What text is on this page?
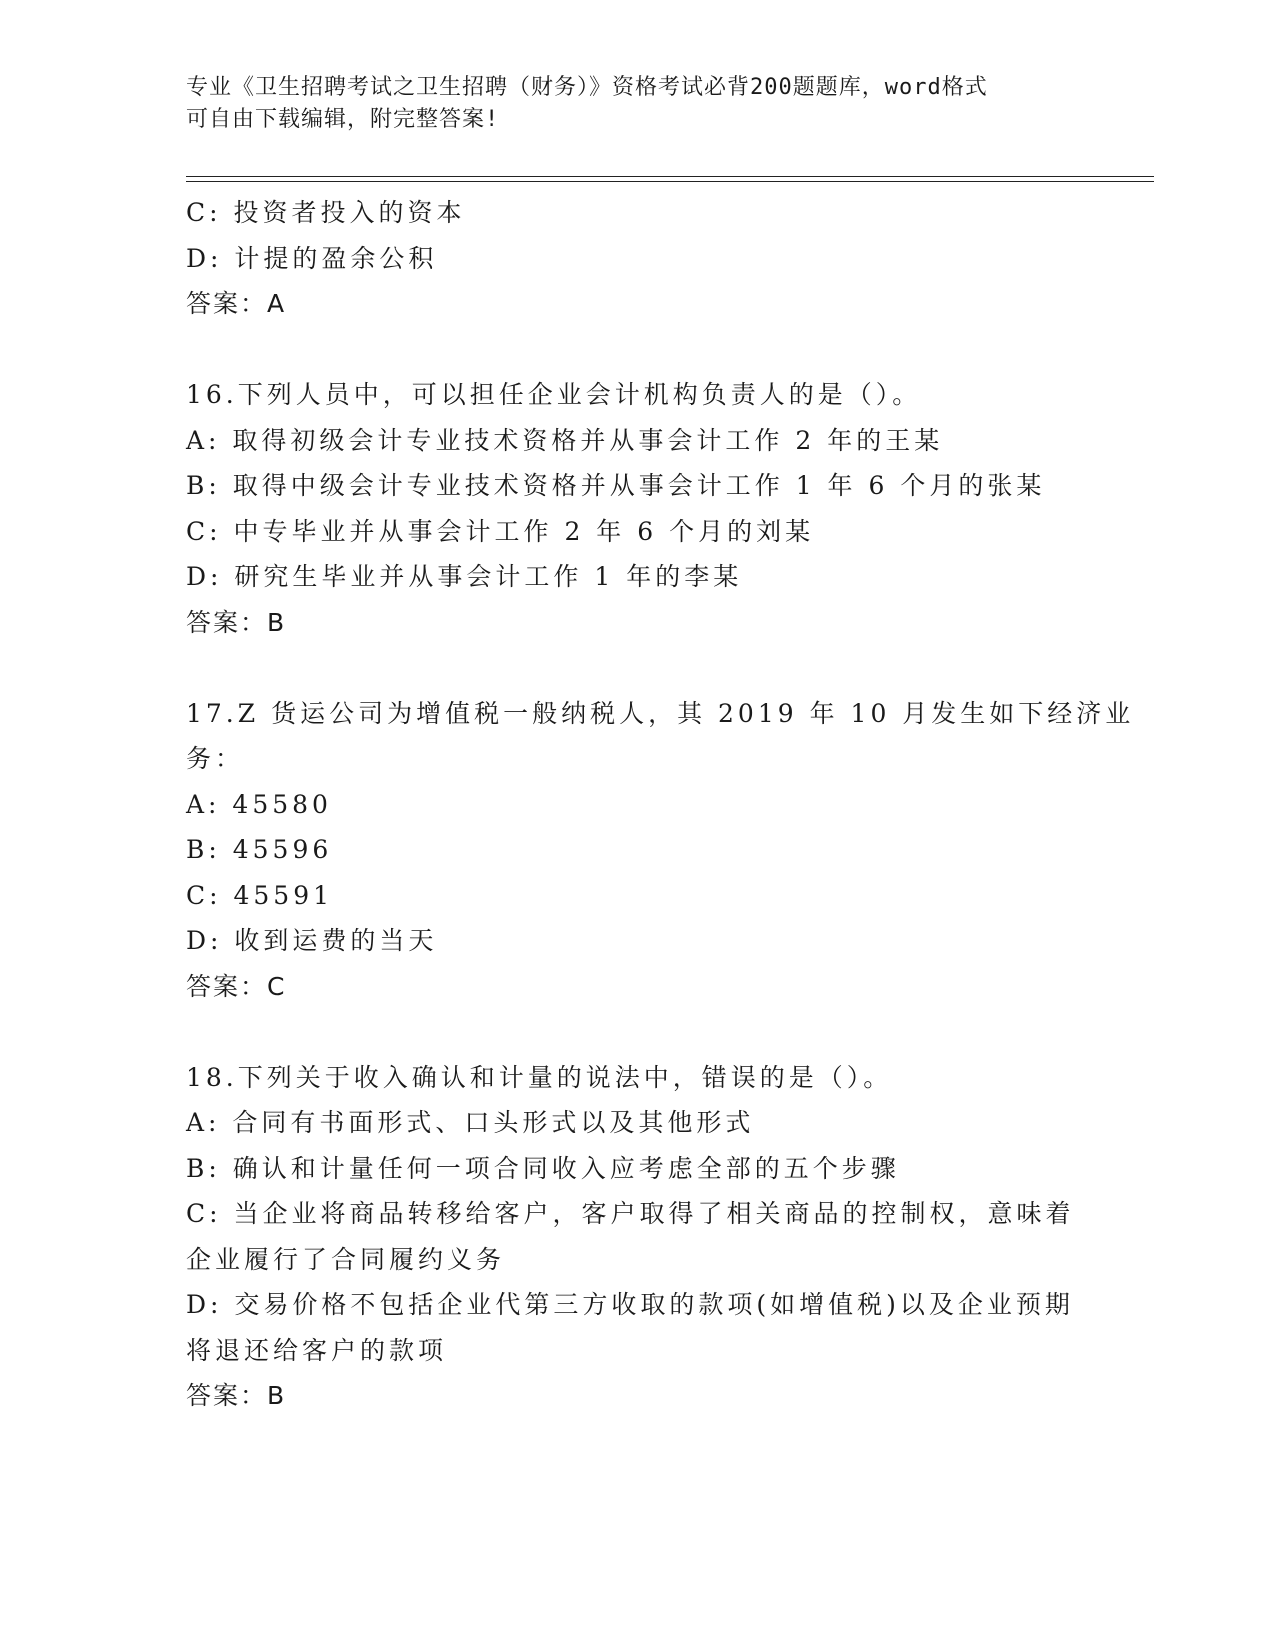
专业《卫生招聘考试之卫生招聘（财务）》资格考试必背200题题库，word格式
可自由下载编辑，附完整答案!
C: 投资者投入的资本
D: 计提的盈余公积
答案：A
16.下列人员中，可以担任企业会计机构负责人的是（）。
A: 取得初级会计专业技术资格并从事会计工作 2 年的王某
B: 取得中级会计专业技术资格并从事会计工作 1 年 6 个月的张某
C: 中专毕业并从事会计工作 2 年 6 个月的刘某
D: 研究生毕业并从事会计工作 1 年的李某
答案：B
17.Z 货运公司为增值税一般纳税人，其 2019 年 10 月发生如下经济业
务：
A: 45580
B: 45596
C: 45591
D: 收到运费的当天
答案：C
18.下列关于收入确认和计量的说法中，错误的是（）。
A: 合同有书面形式、口头形式以及其他形式
B: 确认和计量任何一项合同收入应考虑全部的五个步骤
C: 当企业将商品转移给客户，客户取得了相关商品的控制权，意味着
企业履行了合同履约义务
D: 交易价格不包括企业代第三方收取的款项(如增值税)以及企业预期
将退还给客户的款项
答案：B
